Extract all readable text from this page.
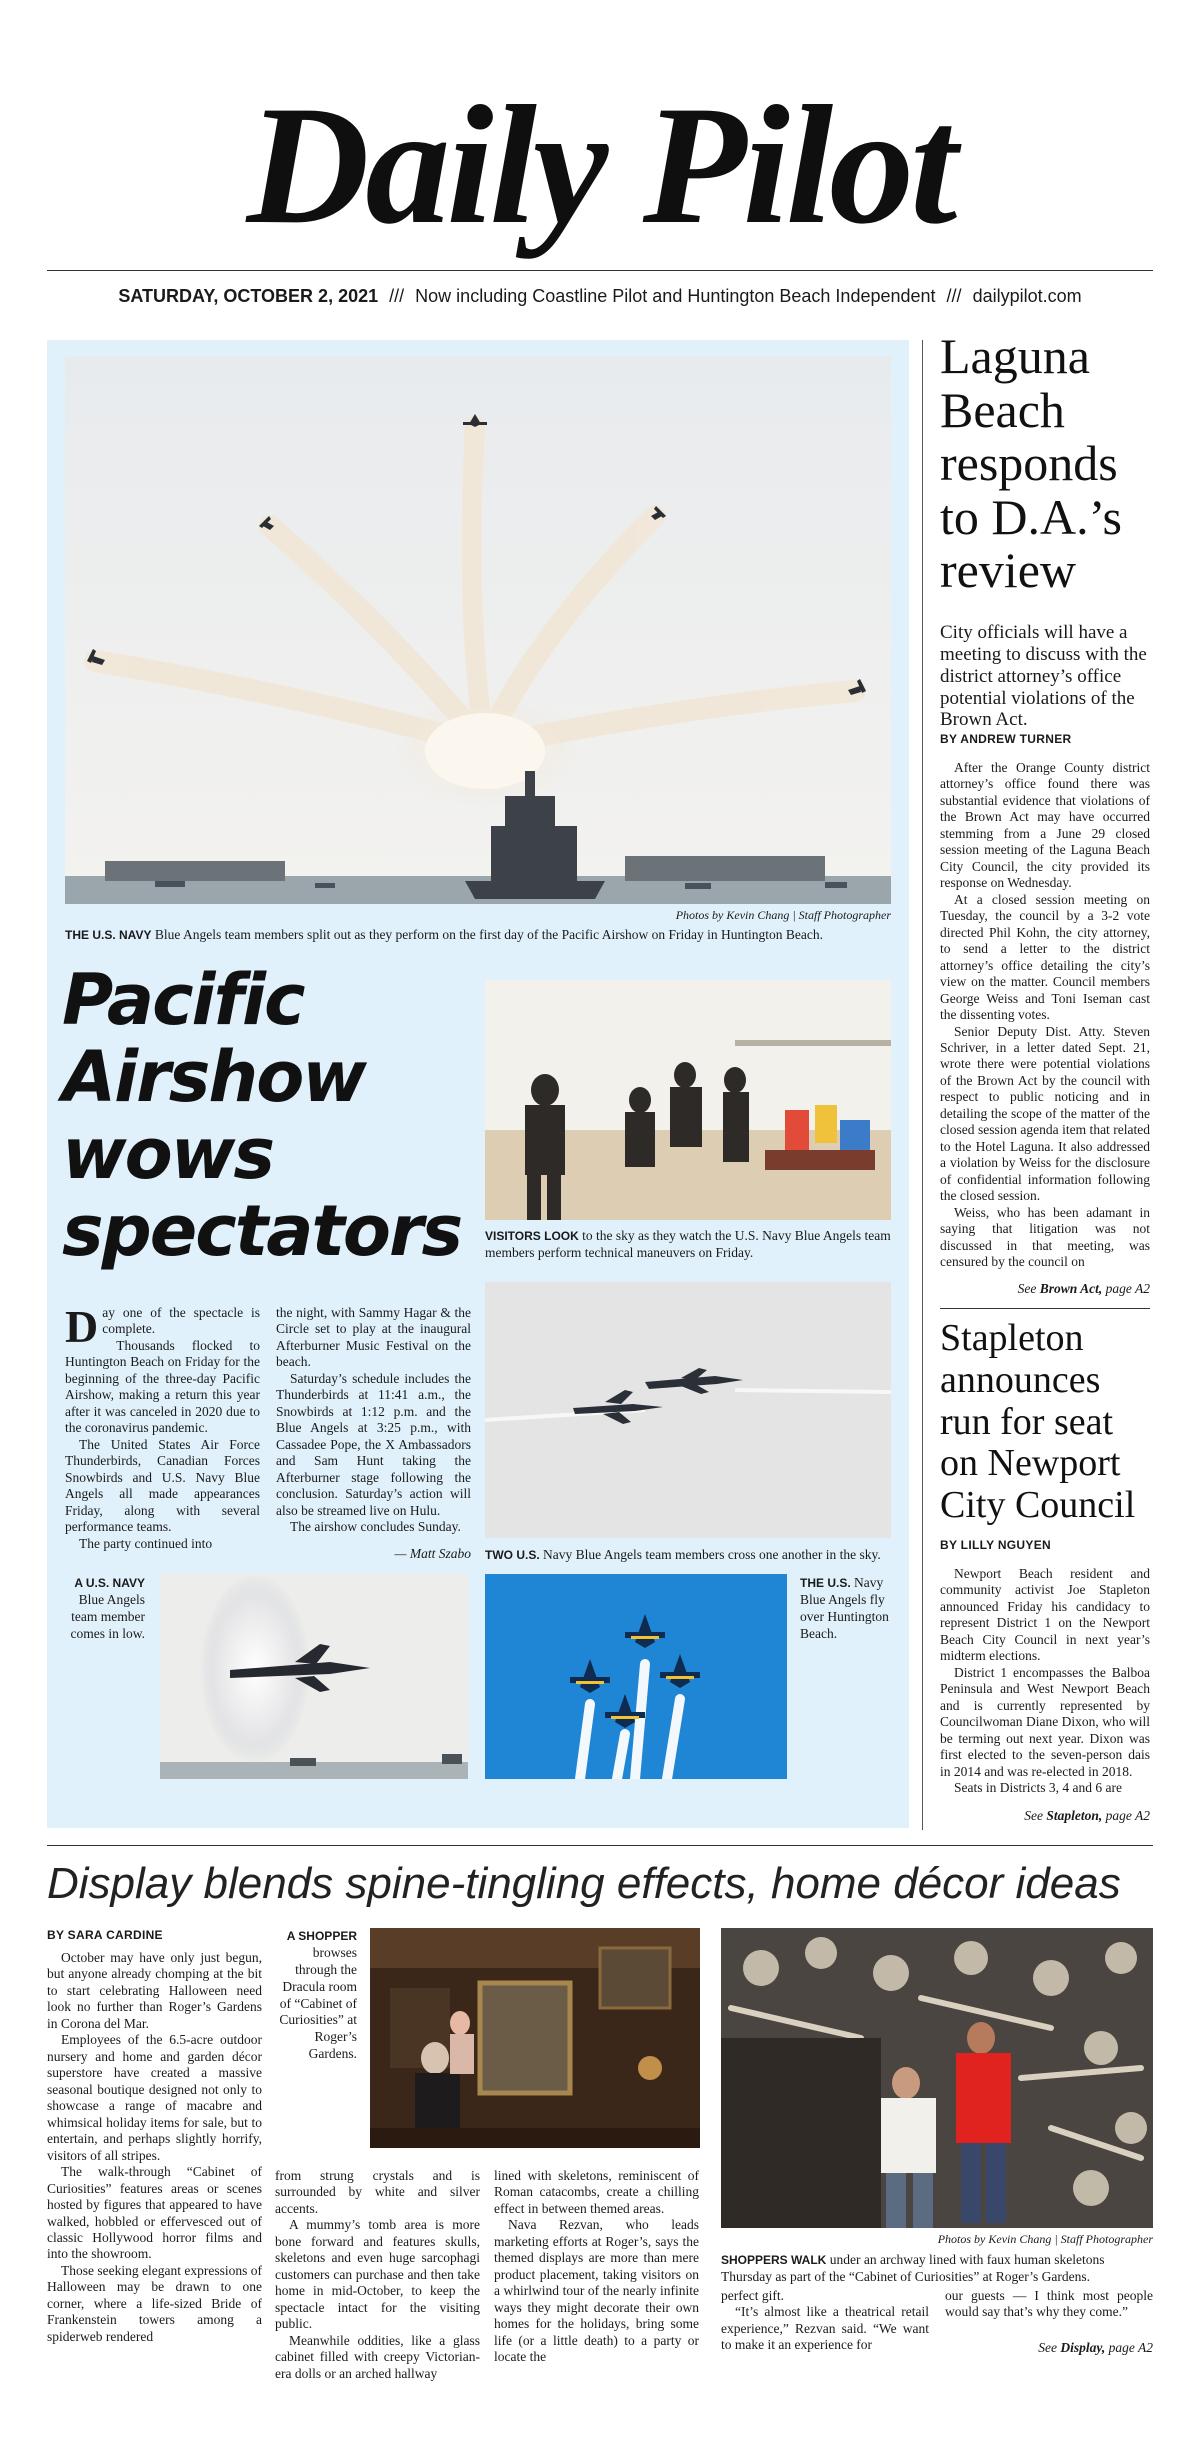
Daily Pilot
SATURDAY, OCTOBER 2, 2021 /// Now including Coastline Pilot and Huntington Beach Independent /// dailypilot.com
Photos by Kevin Chang | Staff Photographer
THE U.S. NAVY Blue Angels team members split out as they perform on the first day of the Pacific Airshow on Friday in Huntington Beach.
Pacific
Airshow
wows
spectators

Day one of the spectacle is complete.

Thousands flocked to Huntington Beach on Friday for the beginning of the three-day Pacific Airshow, making a return this year after it was canceled in 2020 due to the coronavirus pandemic.

The United States Air Force Thunderbirds, Canadian Forces Snowbirds and U.S. Navy Blue Angels all made appearances Friday, along with several performance teams.

The party continued into

the night, with Sammy Hagar & the Circle set to play at the inaugural Afterburner Music Festival on the beach.

Saturday’s schedule includes the Thunderbirds at 11:41 a.m., the Snowbirds at 1:12 p.m. and the Blue Angels at 3:25 p.m., with Cassadee Pope, the X Ambassadors and Sam Hunt taking the Afterburner stage following the conclusion. Saturday’s action will also be streamed live on Hulu.

The airshow concludes Sunday.

— Matt Szabo

VISITORS LOOK to the sky as they watch the U.S. Navy Blue Angels team members perform technical maneuvers on Friday.
TWO U.S. Navy Blue Angels team members cross one another in the sky.
A U.S. NAVY Blue Angels team member comes in low.
THE U.S. Navy Blue Angels fly over Huntington Beach.
Laguna Beach responds to D.A.’s review
City officials will have a meeting to discuss with the district attorney’s office potential violations of the Brown Act.
BY ANDREW TURNER

After the Orange County district attorney’s office found there was substantial evidence that violations of the Brown Act may have occurred stemming from a June 29 closed session meeting of the Laguna Beach City Council, the city provided its response on Wednesday.

At a closed session meeting on Tuesday, the council by a 3-2 vote directed Phil Kohn, the city attorney, to send a letter to the district attorney’s office detailing the city’s view on the matter. Council members George Weiss and Toni Iseman cast the dissenting votes.

Senior Deputy Dist. Atty. Steven Schriver, in a letter dated Sept. 21, wrote there were potential violations of the Brown Act by the council with respect to public noticing and in detailing the scope of the matter of the closed session agenda item that related to the Hotel Laguna. It also addressed a violation by Weiss for the disclosure of confidential information following the closed session.

Weiss, who has been adamant in saying that litigation was not discussed in that meeting, was censured by the council on

See Brown Act, page A2
Stapleton announces run for seat on Newport City Council
BY LILLY NGUYEN

Newport Beach resident and community activist Joe Stapleton announced Friday his candidacy to represent District 1 on the Newport Beach City Council in next year’s midterm elections.

District 1 encompasses the Balboa Peninsula and West Newport Beach and is currently represented by Councilwoman Diane Dixon, who will be terming out next year. Dixon was first elected to the seven-person dais in 2014 and was re-elected in 2018.

Seats in Districts 3, 4 and 6 are

See Stapleton, page A2
Display blends spine-tingling effects, home décor ideas
BY SARA CARDINE

October may have only just begun, but anyone already chomping at the bit to start celebrating Halloween need look no further than Roger’s Gardens in Corona del Mar.

Employees of the 6.5-acre outdoor nursery and home and garden décor superstore have created a massive seasonal boutique designed not only to showcase a range of macabre and whimsical holiday items for sale, but to entertain, and perhaps slightly horrify, visitors of all stripes.

The walk-through “Cabinet of Curiosities” features areas or scenes hosted by figures that appeared to have walked, hobbled or effervesced out of classic Hollywood horror films and into the showroom.

Those seeking elegant expressions of Halloween may be drawn to one corner, where a life-sized Bride of Frankenstein towers among a spiderweb rendered

A SHOPPER browses through the Dracula room of “Cabinet of Curiosities” at Roger’s Gardens.

from strung crystals and is surrounded by white and silver accents.

A mummy’s tomb area is more bone forward and features skulls, skeletons and even huge sarcophagi customers can purchase and then take home in mid-October, to keep the spectacle intact for the visiting public.

Meanwhile oddities, like a glass cabinet filled with creepy Victorian-era dolls or an arched hallway

lined with skeletons, reminiscent of Roman catacombs, create a chilling effect in between themed areas.

Nava Rezvan, who leads marketing efforts at Roger’s, says the themed displays are more than mere product placement, taking visitors on a whirlwind tour of the nearly infinite ways they might decorate their own homes for the holidays, bring some life (or a little death) to a party or locate the

Photos by Kevin Chang | Staff Photographer
SHOPPERS WALK under an archway lined with faux human skeletons Thursday as part of the “Cabinet of Curiosities” at Roger’s Gardens.

perfect gift.

“It’s almost like a theatrical retail experience,” Rezvan said. “We want to make it an experience for

our guests — I think most people would say that’s why they come.”

See Display, page A2
